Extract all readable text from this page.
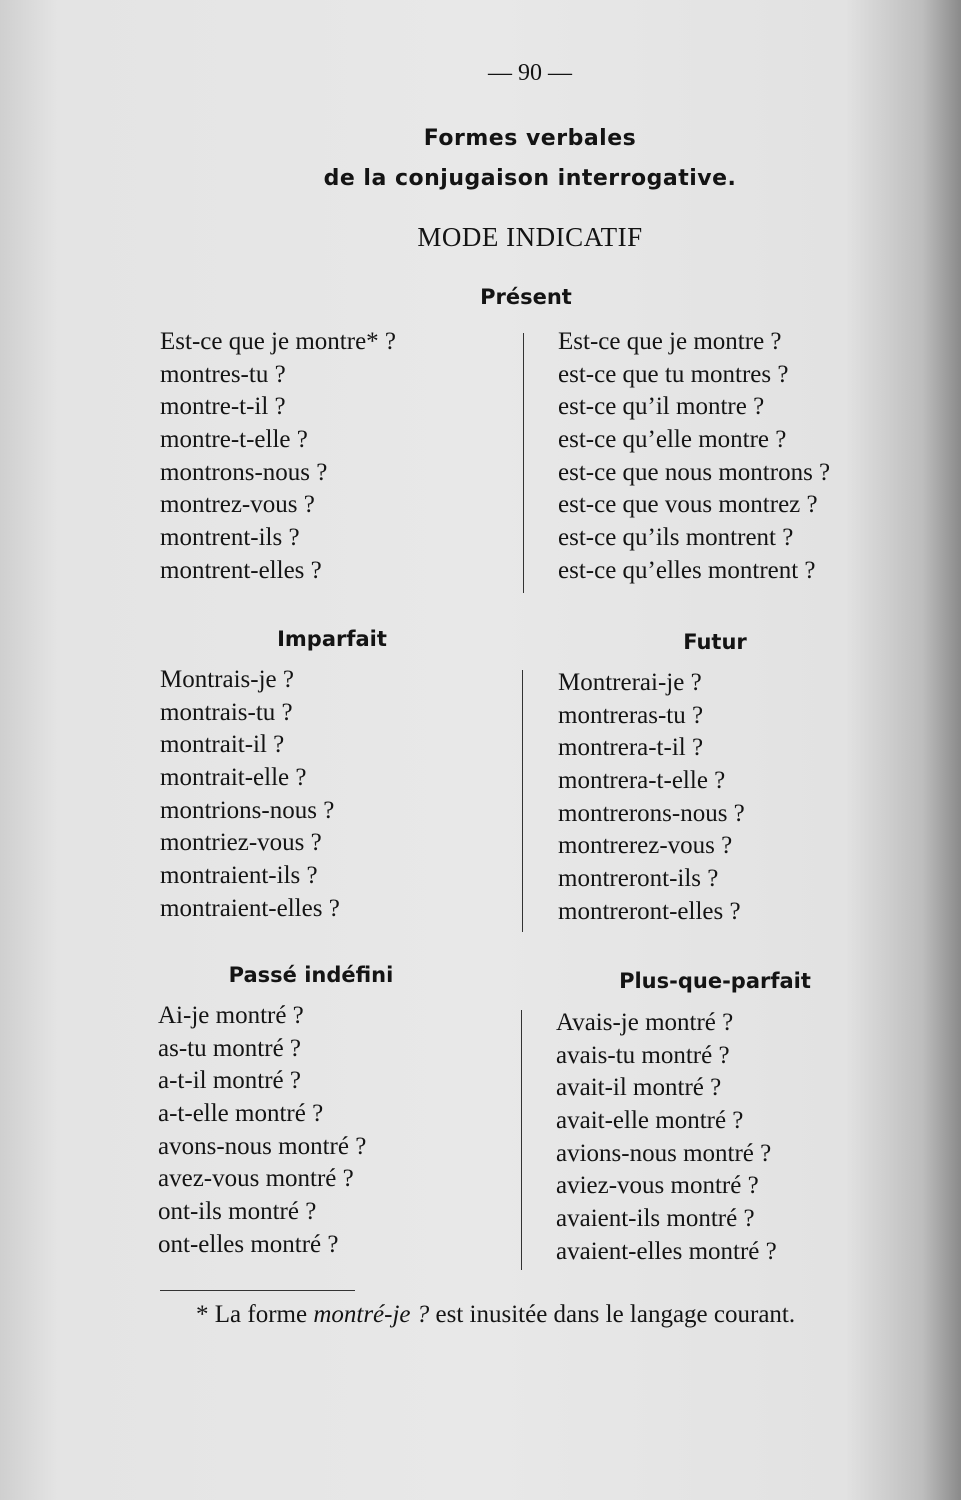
— 90 —
Formes verbales
de la conjugaison interrogative.
MODE INDICATIF
Présent
Est-ce que je montre* ?
montres-tu ?
montre-t-il ?
montre-t-elle ?
montrons-nous ?
montrez-vous ?
montrent-ils ?
montrent-elles ?
Est-ce que je montre ?
est-ce que tu montres ?
est-ce qu’il montre ?
est-ce qu’elle montre ?
est-ce que nous montrons ?
est-ce que vous montrez ?
est-ce qu’ils montrent ?
est-ce qu’elles montrent ?
Imparfait	Futur
Montrais-je ?
montrais-tu ?
montrait-il ?
montrait-elle ?
montrions-nous ?
montriez-vous ?
montraient-ils ?
montraient-elles ?
Montrerai-je ?
montreras-tu ?
montrera-t-il ?
montrera-t-elle ?
montrerons-nous ?
montrerez-vous ?
montreront-ils ?
montreront-elles ?
Passé indéfini	Plus-que-parfait
Ai-je montré ?
as-tu montré ?
a-t-il montré ?
a-t-elle montré ?
avons-nous montré ?
avez-vous montré ?
ont-ils montré ?
ont-elles montré ?
Avais-je montré ?
avais-tu montré ?
avait-il montré ?
avait-elle montré ?
avions-nous montré ?
aviez-vous montré ?
avaient-ils montré ?
avaient-elles montré ?
* La forme montré-je ? est inusitée dans le langage courant.
